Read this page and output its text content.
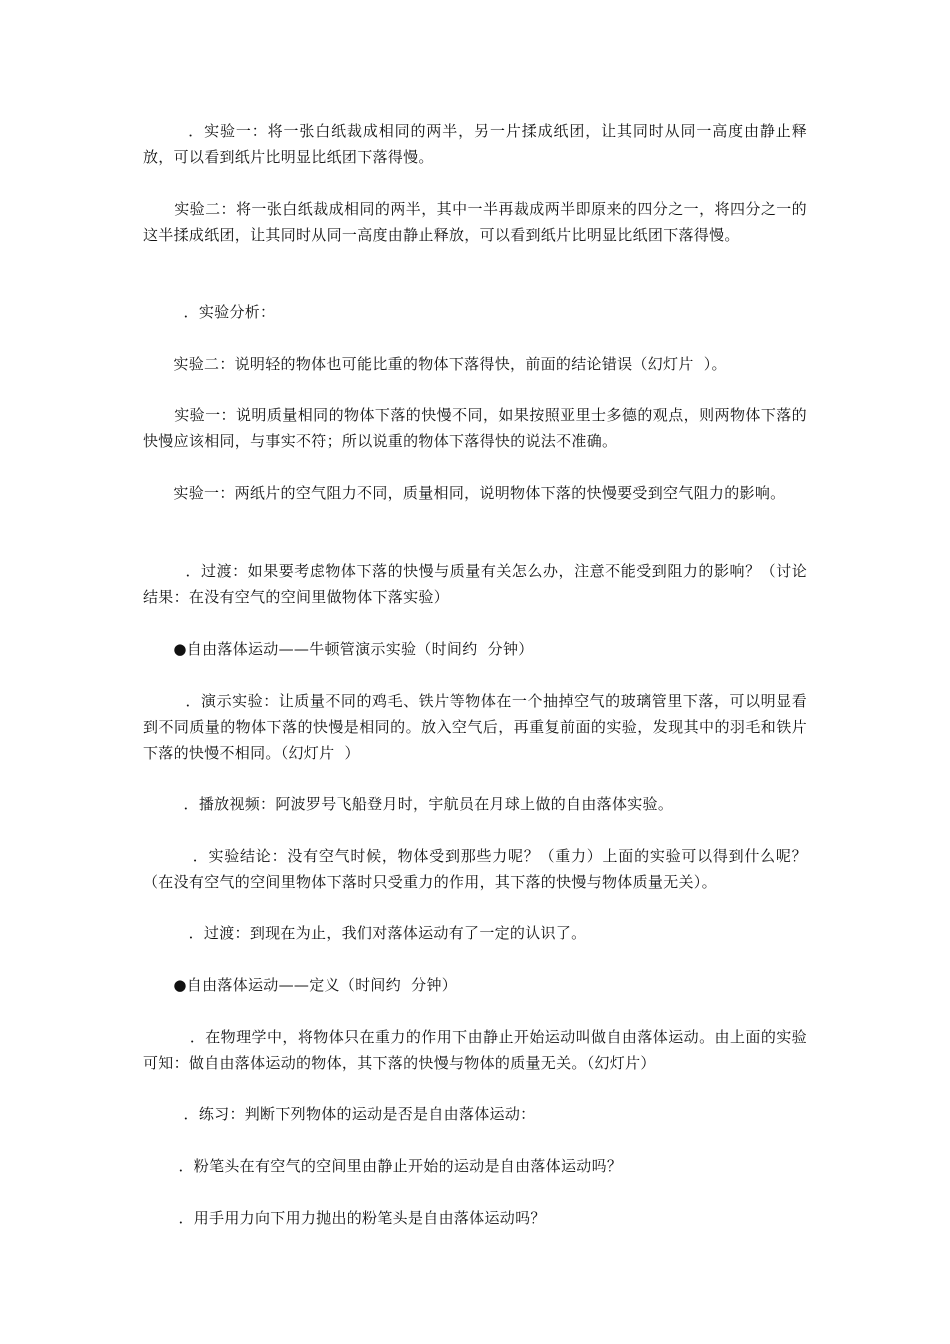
．实验一：将一张白纸裁成相同的两半，另一片揉成纸团，让其同时从同一高度由静止释放，可以看到纸片比明显比纸团下落得慢。

实验二：将一张白纸裁成相同的两半，其中一半再裁成两半即原来的四分之一，将四分之一的这半揉成纸团，让其同时从同一高度由静止释放，可以看到纸片比明显比纸团下落得慢。

．实验分析：

实验二：说明轻的物体也可能比重的物体下落得快，前面的结论错误（幻灯片  ）。

实验一：说明质量相同的物体下落的快慢不同，如果按照亚里士多德的观点，则两物体下落的快慢应该相同，与事实不符；所以说重的物体下落得快的说法不准确。

实验一：两纸片的空气阻力不同，质量相同，说明物体下落的快慢要受到空气阻力的影响。

．过渡：如果要考虑物体下落的快慢与质量有关怎么办，注意不能受到阻力的影响？（讨论结果：在没有空气的空间里做物体下落实验）

●自由落体运动——牛顿管演示实验（时间约  分钟）

．演示实验：让质量不同的鸡毛、铁片等物体在一个抽掉空气的玻璃管里下落，可以明显看到不同质量的物体下落的快慢是相同的。放入空气后，再重复前面的实验，发现其中的羽毛和铁片下落的快慢不相同。（幻灯片  ）

．播放视频：阿波罗号飞船登月时，宇航员在月球上做的自由落体实验。

．实验结论：没有空气时候，物体受到那些力呢？（重力）上面的实验可以得到什么呢？（在没有空气的空间里物体下落时只受重力的作用，其下落的快慢与物体质量无关）。

．过渡：到现在为止，我们对落体运动有了一定的认识了。

●自由落体运动——定义（时间约  分钟）

．在物理学中，将物体只在重力的作用下由静止开始运动叫做自由落体运动。由上面的实验可知：做自由落体运动的物体，其下落的快慢与物体的质量无关。（幻灯片）

．练习：判断下列物体的运动是否是自由落体运动：

．粉笔头在有空气的空间里由静止开始的运动是自由落体运动吗？

．用手用力向下用力抛出的粉笔头是自由落体运动吗？
